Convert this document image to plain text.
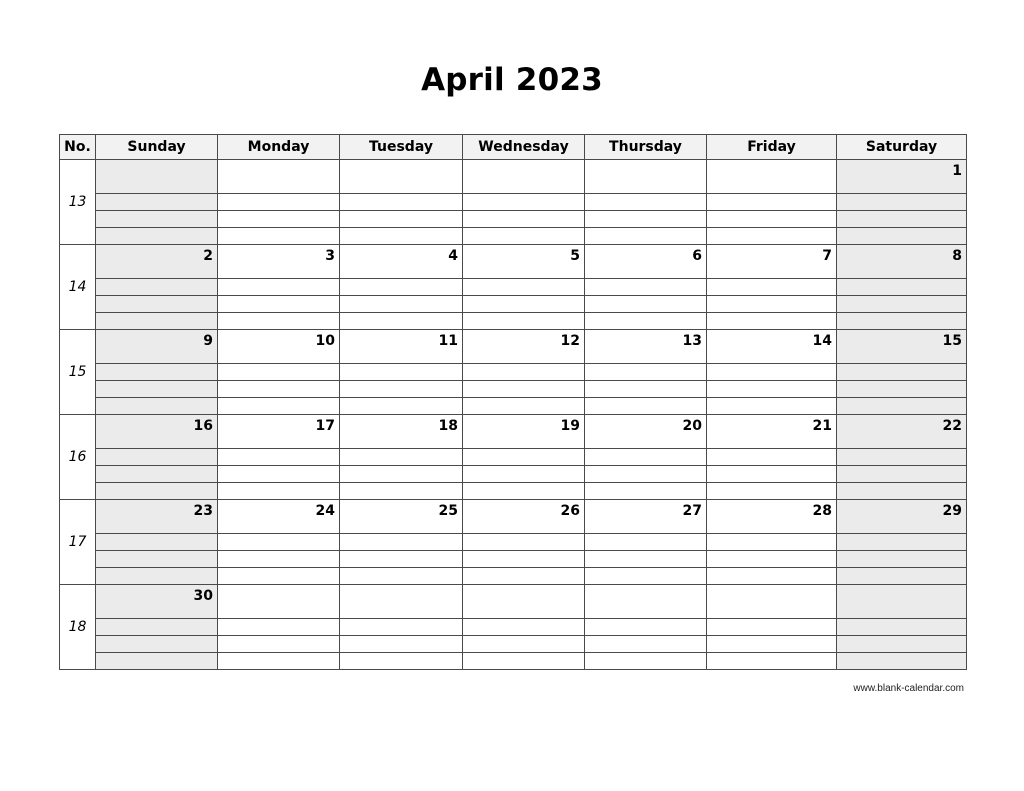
April 2023
No.	Sunday	Monday	Tuesday	Wednesday	Thursday	Friday	Saturday
13							1

14	2	3	4	5	6	7	8

15	9	10	11	12	13	14	15

16	16	17	18	19	20	21	22

17	23	24	25	26	27	28	29

18	30						

www.blank-calendar.com
